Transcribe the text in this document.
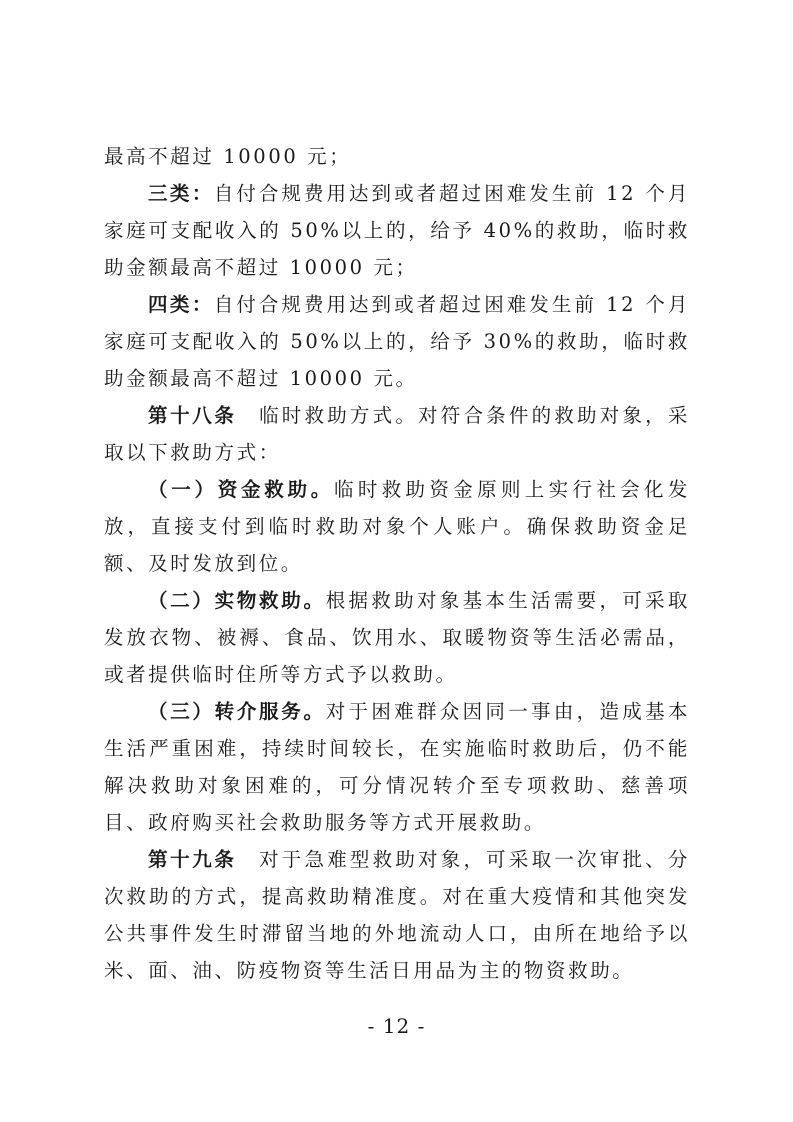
最高不超过 10000 元；

三类：自付合规费用达到或者超过困难发生前 12 个月家庭可支配收入的 50%以上的，给予 40%的救助，临时救助金额最高不超过 10000 元；

四类：自付合规费用达到或者超过困难发生前 12 个月家庭可支配收入的 50%以上的，给予 30%的救助，临时救助金额最高不超过 10000 元。

第十八条 临时救助方式。对符合条件的救助对象，采取以下救助方式：

（一）资金救助。临时救助资金原则上实行社会化发放，直接支付到临时救助对象个人账户。确保救助资金足额、及时发放到位。

（二）实物救助。根据救助对象基本生活需要，可采取发放衣物、被褥、食品、饮用水、取暖物资等生活必需品，或者提供临时住所等方式予以救助。

（三）转介服务。对于困难群众因同一事由，造成基本生活严重困难，持续时间较长，在实施临时救助后，仍不能解决救助对象困难的，可分情况转介至专项救助、慈善项目、政府购买社会救助服务等方式开展救助。

第十九条 对于急难型救助对象，可采取一次审批、分次救助的方式，提高救助精准度。对在重大疫情和其他突发公共事件发生时滞留当地的外地流动人口，由所在地给予以米、面、油、防疫物资等生活日用品为主的物资救助。

- 12 -
